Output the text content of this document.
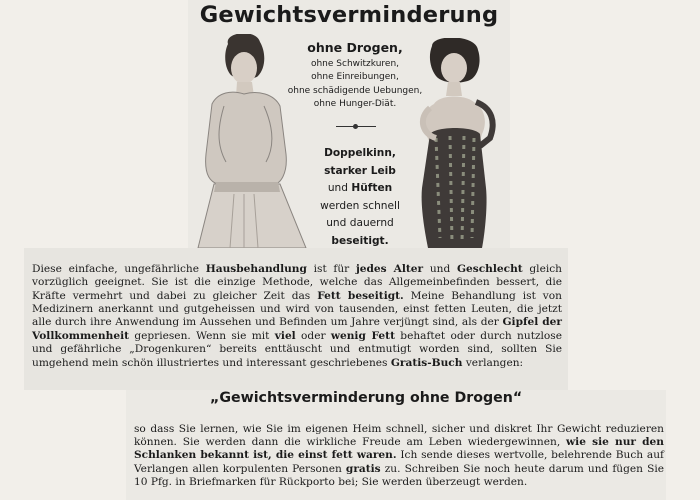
Gewichtsverminderung
ohne Drogen,
ohne Schwitzkuren,
ohne Einreibungen,
ohne schädigende Uebungen,
ohne Hunger-Diät.
Doppelkinn,
starker Leib
und Hüften
werden schnell
und dauernd
beseitigt.

Diese einfache, ungefährliche Hausbehandlung ist für jedes Alter und Geschlecht gleich vorzüglich geeignet. Sie ist die einzige Methode, welche das Allgemeinbefinden bessert, die Kräfte vermehrt und dabei zu gleicher Zeit das Fett beseitigt. Meine Behandlung ist von Medizinern anerkannt und gutgeheissen und wird von tausenden, einst fetten Leuten, die jetzt alle durch ihre Anwendung im Aussehen und Befinden um Jahre verjüngt sind, als der Gipfel der Vollkommenheit gepriesen. Wenn sie mit viel oder wenig Fett behaftet oder durch nutzlose und gefährliche „Drogenkuren“ bereits enttäuscht und entmutigt worden sind, sollten Sie umgehend mein schön illustriertes und interessant geschriebenes Gratis-Buch verlangen:

„Gewichtsverminderung ohne Drogen“

so dass Sie lernen, wie Sie im eigenen Heim schnell, sicher und diskret Ihr Gewicht reduzieren können. Sie werden dann die wirkliche Freude am Leben wiedergewinnen, wie sie nur den Schlanken bekannt ist, die einst fett waren. Ich sende dieses wertvolle, belehrende Buch auf Verlangen allen korpulenten Personen gratis zu. Schreiben Sie noch heute darum und fügen Sie 10 Pfg. in Briefmarken für Rückporto bei; Sie werden überzeugt werden.
